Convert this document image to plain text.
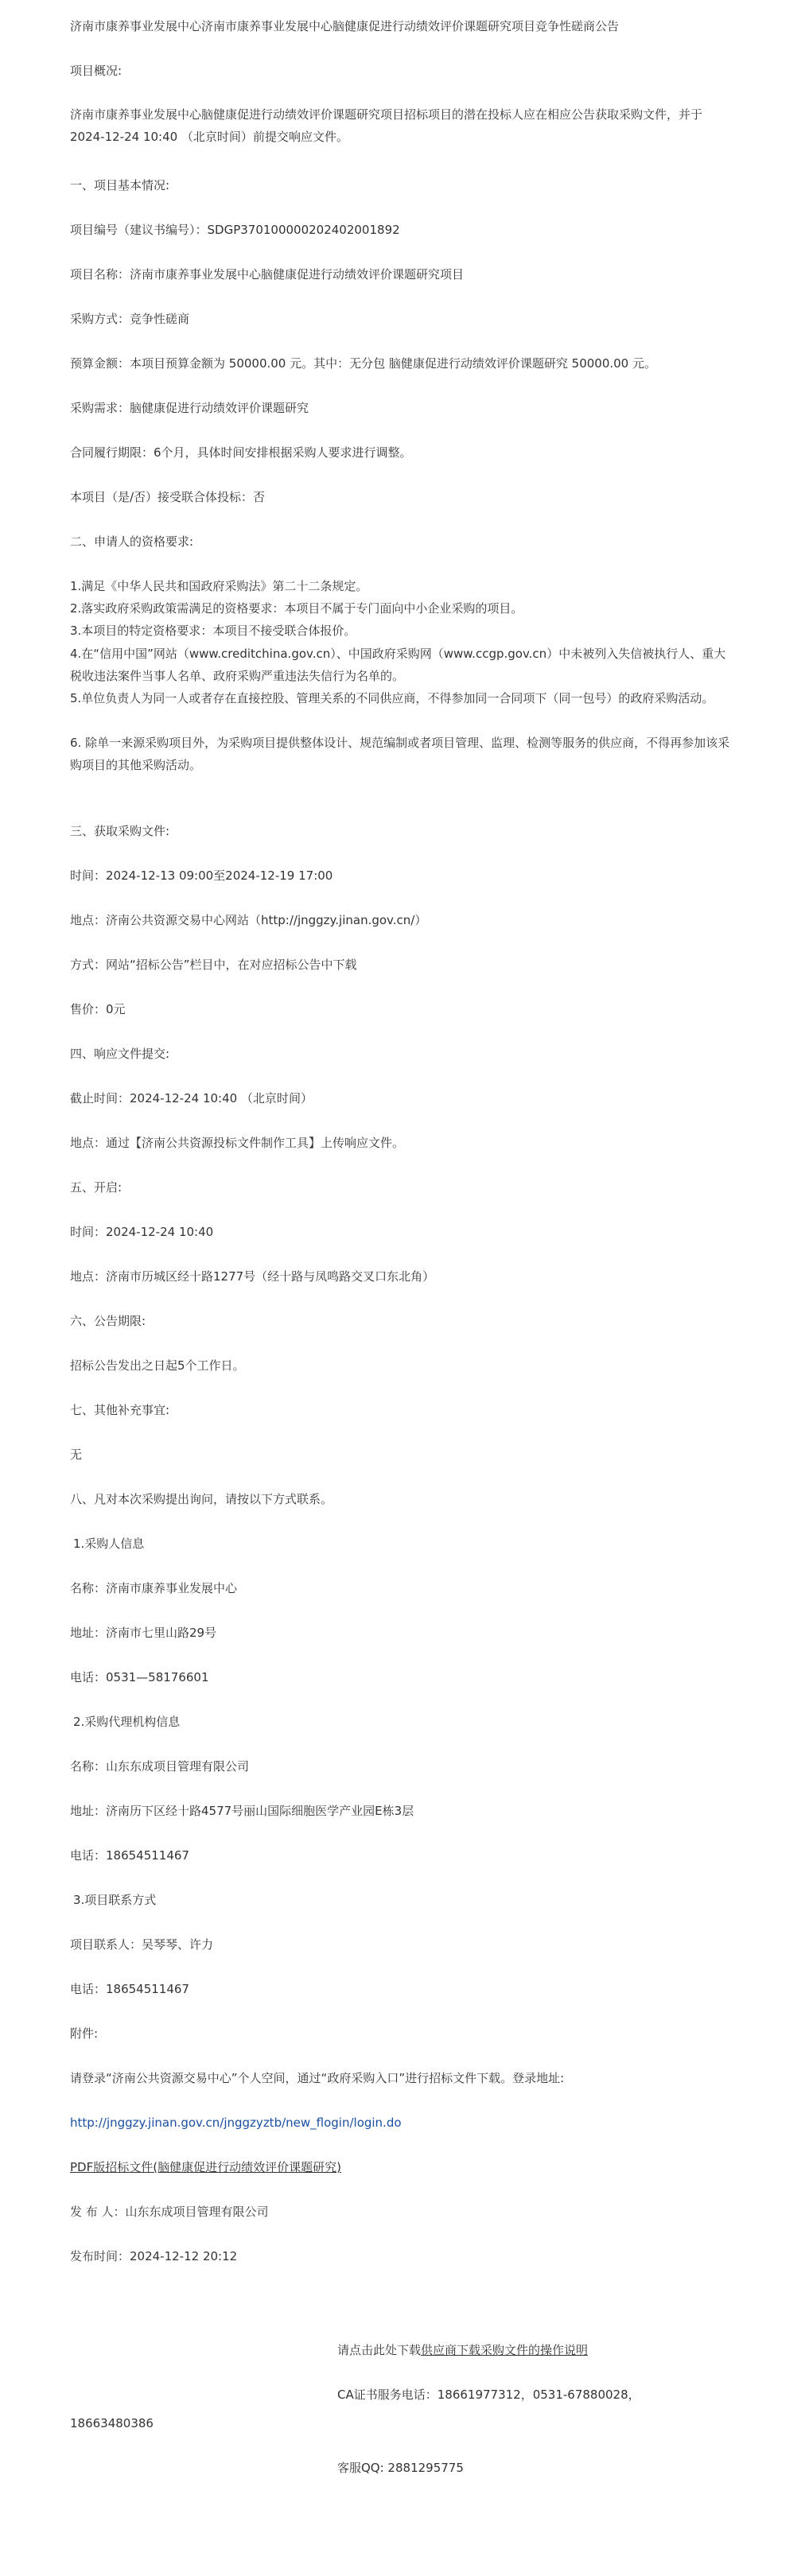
济南市康养事业发展中心济南市康养事业发展中心脑健康促进行动绩效评价课题研究项目竞争性磋商公告
项目概况:
济南市康养事业发展中心脑健康促进行动绩效评价课题研究项目招标项目的潜在投标人应在相应公告获取采购文件，并于2024-12-24 10:40 （北京时间）前提交响应文件。
一、项目基本情况:
项目编号（建议书编号）：SDGP370100000202402001892
项目名称：济南市康养事业发展中心脑健康促进行动绩效评价课题研究项目
采购方式：竞争性磋商
预算金额：本项目预算金额为 50000.00 元。其中：无分包 脑健康促进行动绩效评价课题研究 50000.00 元。
采购需求：脑健康促进行动绩效评价课题研究
合同履行期限：6个月，具体时间安排根据采购人要求进行调整。
本项目（是/否）接受联合体投标：否
二、申请人的资格要求:
1.满足《中华人民共和国政府采购法》第二十二条规定。
2.落实政府采购政策需满足的资格要求：本项目不属于专门面向中小企业采购的项目。
3.本项目的特定资格要求：本项目不接受联合体报价。
4.在“信用中国”网站（www.creditchina.gov.cn）、中国政府采购网（www.ccgp.gov.cn）中未被列入失信被执行人、重大税收违法案件当事人名单、政府采购严重违法失信行为名单的。
5.单位负责人为同一人或者存在直接控股、管理关系的不同供应商，不得参加同一合同项下（同一包号）的政府采购活动。
6. 除单一来源采购项目外，为采购项目提供整体设计、规范编制或者项目管理、监理、检测等服务的供应商，不得再参加该采购项目的其他采购活动。
三、获取采购文件:
时间：2024-12-13 09:00至2024-12-19 17:00
地点：济南公共资源交易中心网站（http://jnggzy.jinan.gov.cn/）
方式：网站“招标公告”栏目中，在对应招标公告中下载
售价：0元
四、响应文件提交:
截止时间：2024-12-24 10:40 （北京时间）
地点：通过【济南公共资源投标文件制作工具】上传响应文件。
五、开启:
时间：2024-12-24 10:40
地点：济南市历城区经十路1277号（经十路与凤鸣路交叉口东北角）
六、公告期限:
招标公告发出之日起5个工作日。
七、其他补充事宜:
无
八、凡对本次采购提出询问，请按以下方式联系。
1.采购人信息
名称：济南市康养事业发展中心
地址：济南市七里山路29号
电话：0531—58176601
2.采购代理机构信息
名称：山东东成项目管理有限公司
地址：济南历下区经十路4577号丽山国际细胞医学产业园E栋3层
电话：18654511467
3.项目联系方式
项目联系人：吴琴琴、许力
电话：18654511467
附件:
请登录“济南公共资源交易中心”个人空间，通过“政府采购入口”进行招标文件下载。登录地址:
http://jnggzy.jinan.gov.cn/jnggzyztb/new_flogin/login.do
PDF版招标文件(脑健康促进行动绩效评价课题研究)
发 布 人：山东东成项目管理有限公司
发布时间：2024-12-12 20:12
请点击此处下载供应商下载采购文件的操作说明
CA证书服务电话：18661977312，0531-67880028，
18663480386
客服QQ: 2881295775
